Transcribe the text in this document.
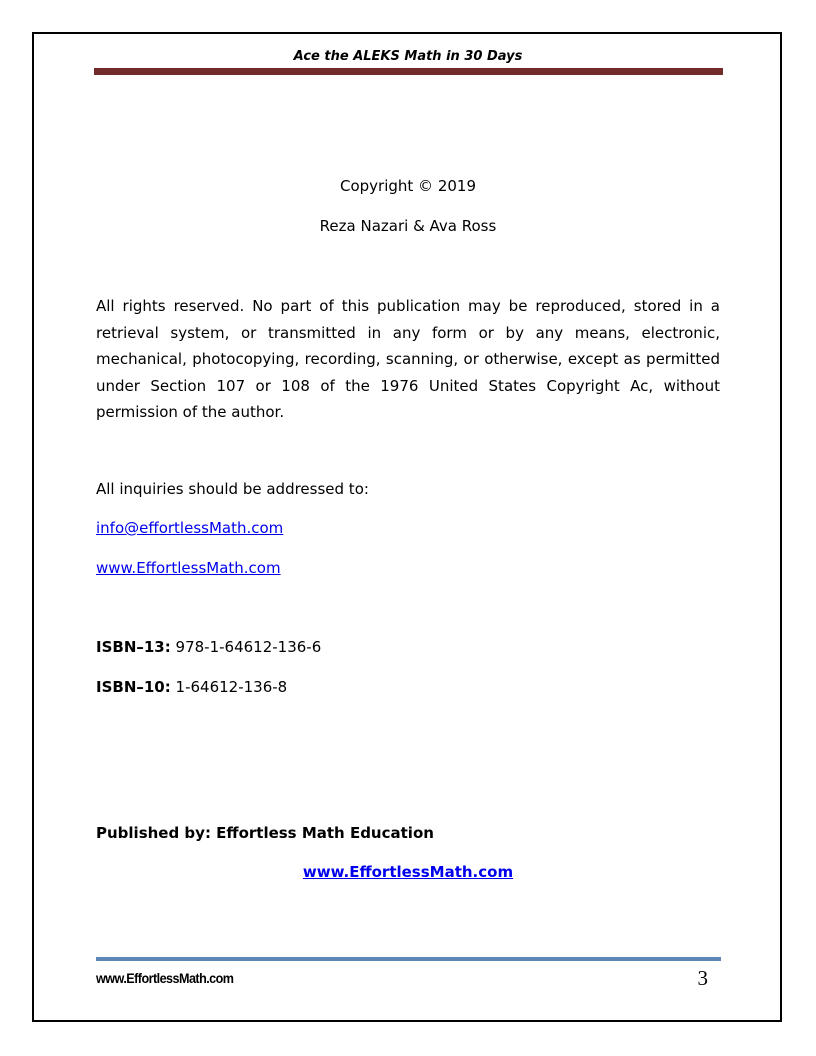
Ace the ALEKS Math in 30 Days
Copyright © 2019
Reza Nazari & Ava Ross

All rights reserved. No part of this publication may be reproduced, stored in a retrieval system, or transmitted in any form or by any means, electronic, mechanical, photocopying, recording, scanning, or otherwise, except as permitted under Section 107 or 108 of the 1976 United States Copyright Ac, without permission of the author.

All inquiries should be addressed to:
info@effortlessMath.com
www.EffortlessMath.com
ISBN–13: 978-1-64612-136-6
ISBN–10: 1-64612-136-8
Published by: Effortless Math Education
www.EffortlessMath.com
www.EffortlessMath.com	3
